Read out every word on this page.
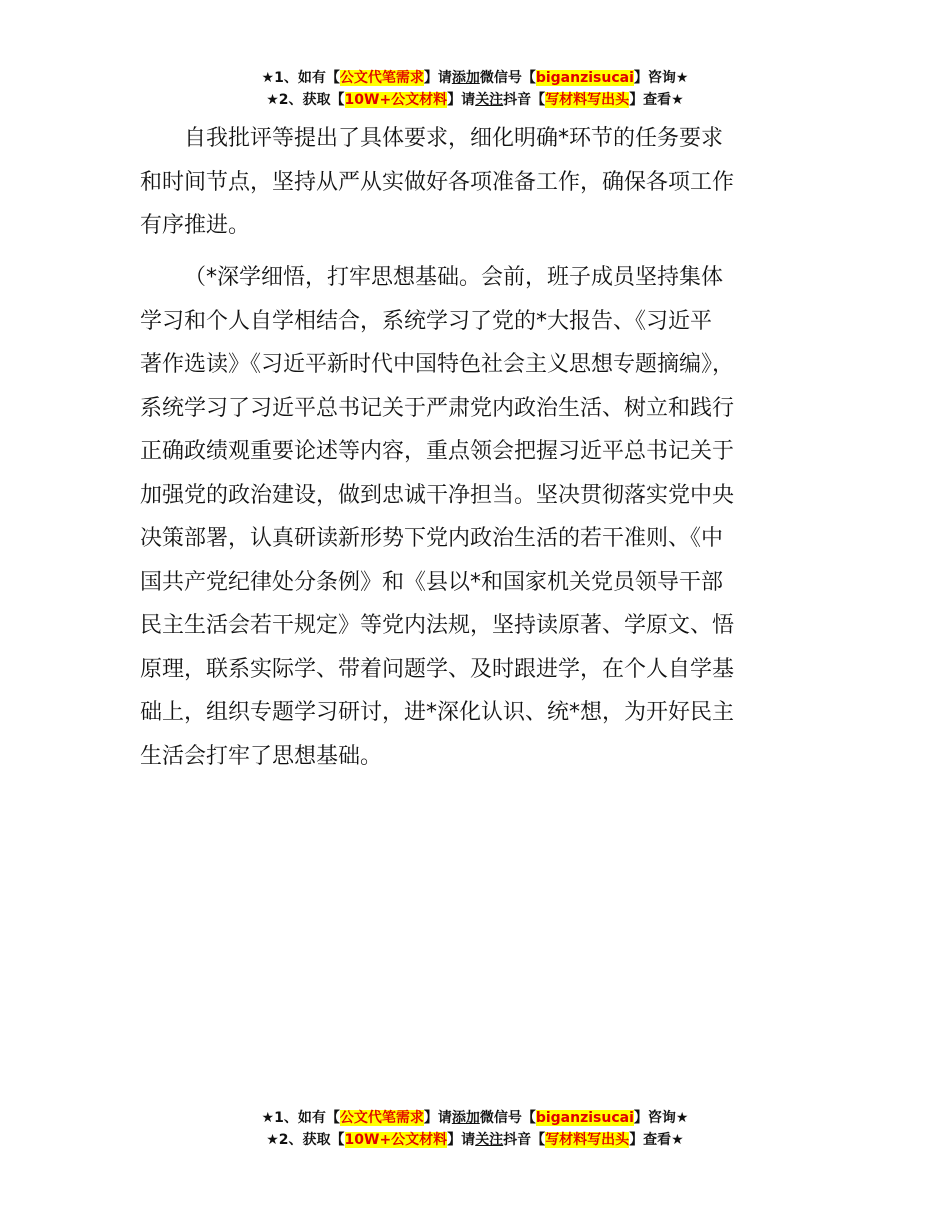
★1、如有【公文代笔需求】请添加微信号【biganzisucai】咨询★
★2、获取【10W+公文材料】请关注抖音【写材料写出头】查看★
自我批评等提出了具体要求，细化明确*环节的任务要求
和时间节点，坚持从严从实做好各项准备工作，确保各项工作
有序推进。
（*深学细悟，打牢思想基础。会前，班子成员坚持集体
学习和个人自学相结合，系统学习了党的*大报告、《习近平
著作选读》《习近平新时代中国特色社会主义思想专题摘编》，
系统学习了习近平总书记关于严肃党内政治生活、树立和践行
正确政绩观重要论述等内容，重点领会把握习近平总书记关于
加强党的政治建设，做到忠诚干净担当。坚决贯彻落实党中央
决策部署，认真研读新形势下党内政治生活的若干准则、《中
国共产党纪律处分条例》和《县以*和国家机关党员领导干部
民主生活会若干规定》等党内法规，坚持读原著、学原文、悟
原理，联系实际学、带着问题学、及时跟进学，在个人自学基
础上，组织专题学习研讨，进*深化认识、统*想，为开好民主
生活会打牢了思想基础。
★1、如有【公文代笔需求】请添加微信号【biganzisucai】咨询★
★2、获取【10W+公文材料】请关注抖音【写材料写出头】查看★
